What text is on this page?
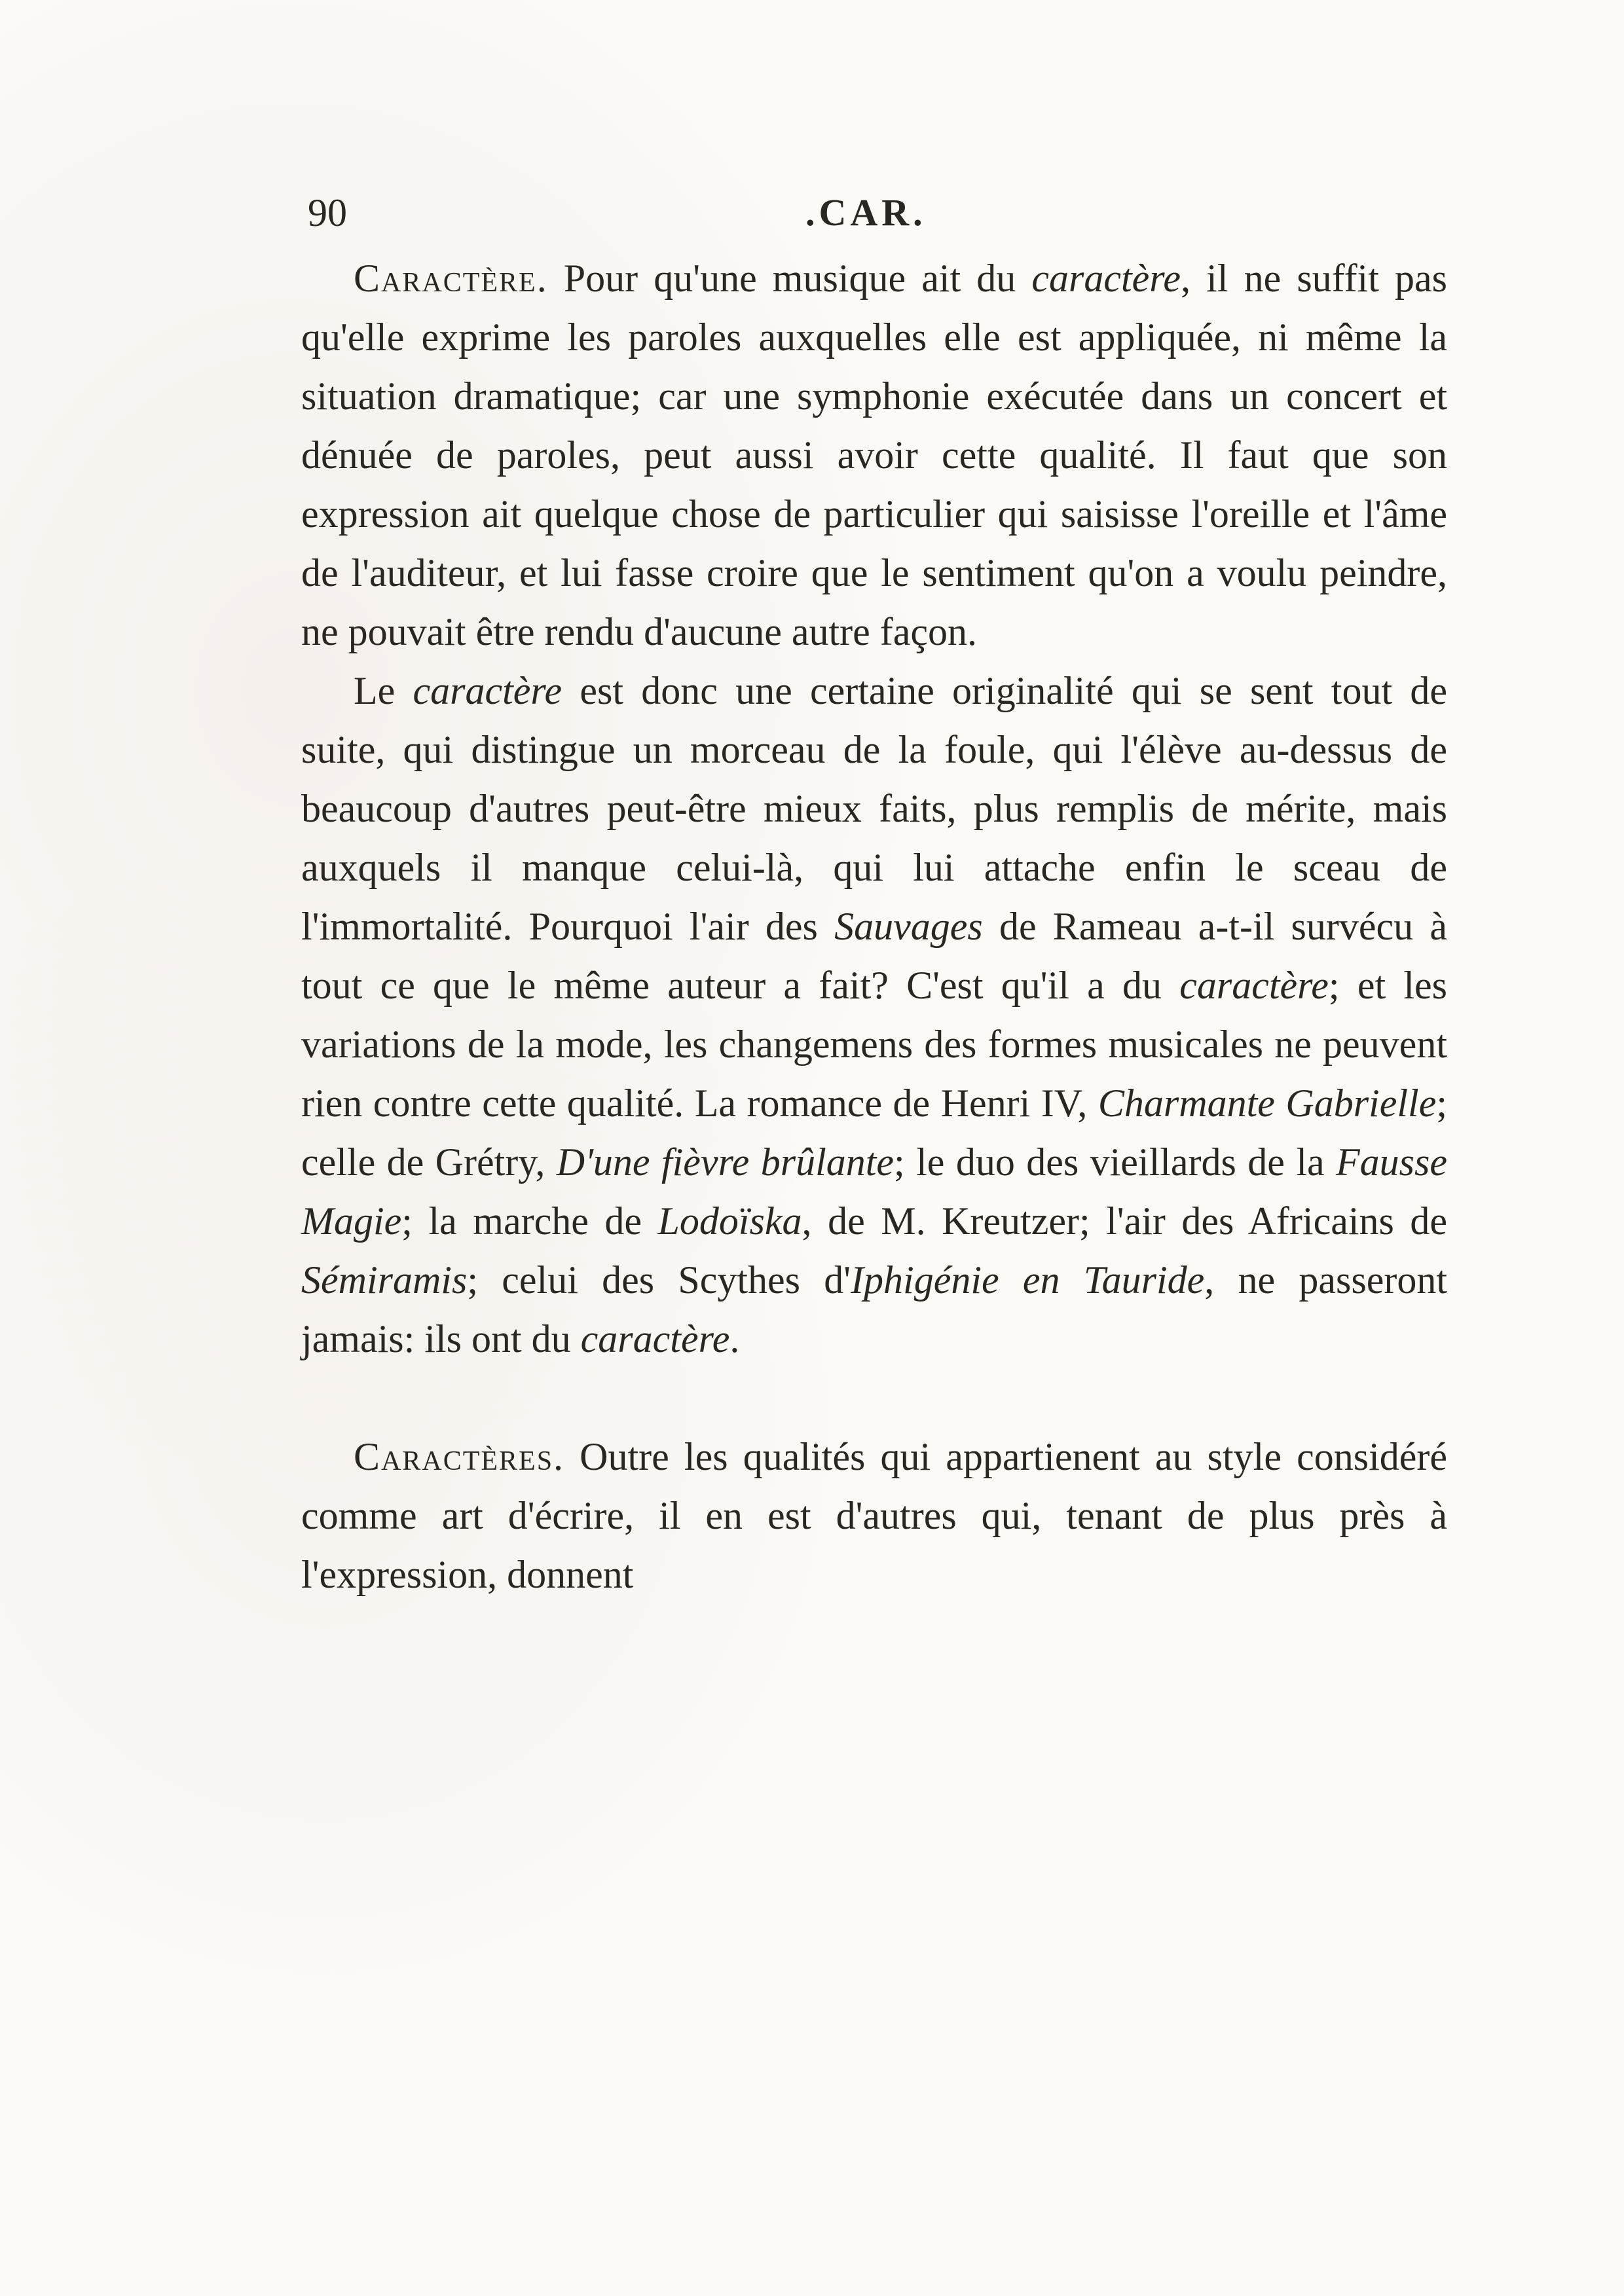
90	.CAR.

Caractère. Pour qu'une musique ait du caractère, il ne suffit pas qu'elle exprime les paroles auxquelles elle est appliquée, ni même la situation dramatique; car une symphonie exécutée dans un concert et dénuée de paroles, peut aussi avoir cette qualité. Il faut que son expression ait quelque chose de particulier qui saisisse l'oreille et l'âme de l'auditeur, et lui fasse croire que le sentiment qu'on a voulu peindre, ne pouvait être rendu d'aucune autre façon.

Le caractère est donc une certaine originalité qui se sent tout de suite, qui distingue un morceau de la foule, qui l'élève au-dessus de beaucoup d'autres peut-être mieux faits, plus remplis de mérite, mais auxquels il manque celui-là, qui lui attache enfin le sceau de l'immortalité. Pourquoi l'air des Sauvages de Rameau a-t-il survécu à tout ce que le même auteur a fait? C'est qu'il a du caractère; et les variations de la mode, les changemens des formes musicales ne peuvent rien contre cette qualité. La romance de Henri IV, Charmante Gabrielle; celle de Grétry, D'une fièvre brûlante; le duo des vieillards de la Fausse Magie; la marche de Lodoïska, de M. Kreutzer; l'air des Africains de Sémiramis; celui des Scythes d'Iphigénie en Tauride, ne passeront jamais: ils ont du caractère.

Caractères. Outre les qualités qui appartienent au style considéré comme art d'écrire, il en est d'autres qui, tenant de plus près à l'expression, donnent
